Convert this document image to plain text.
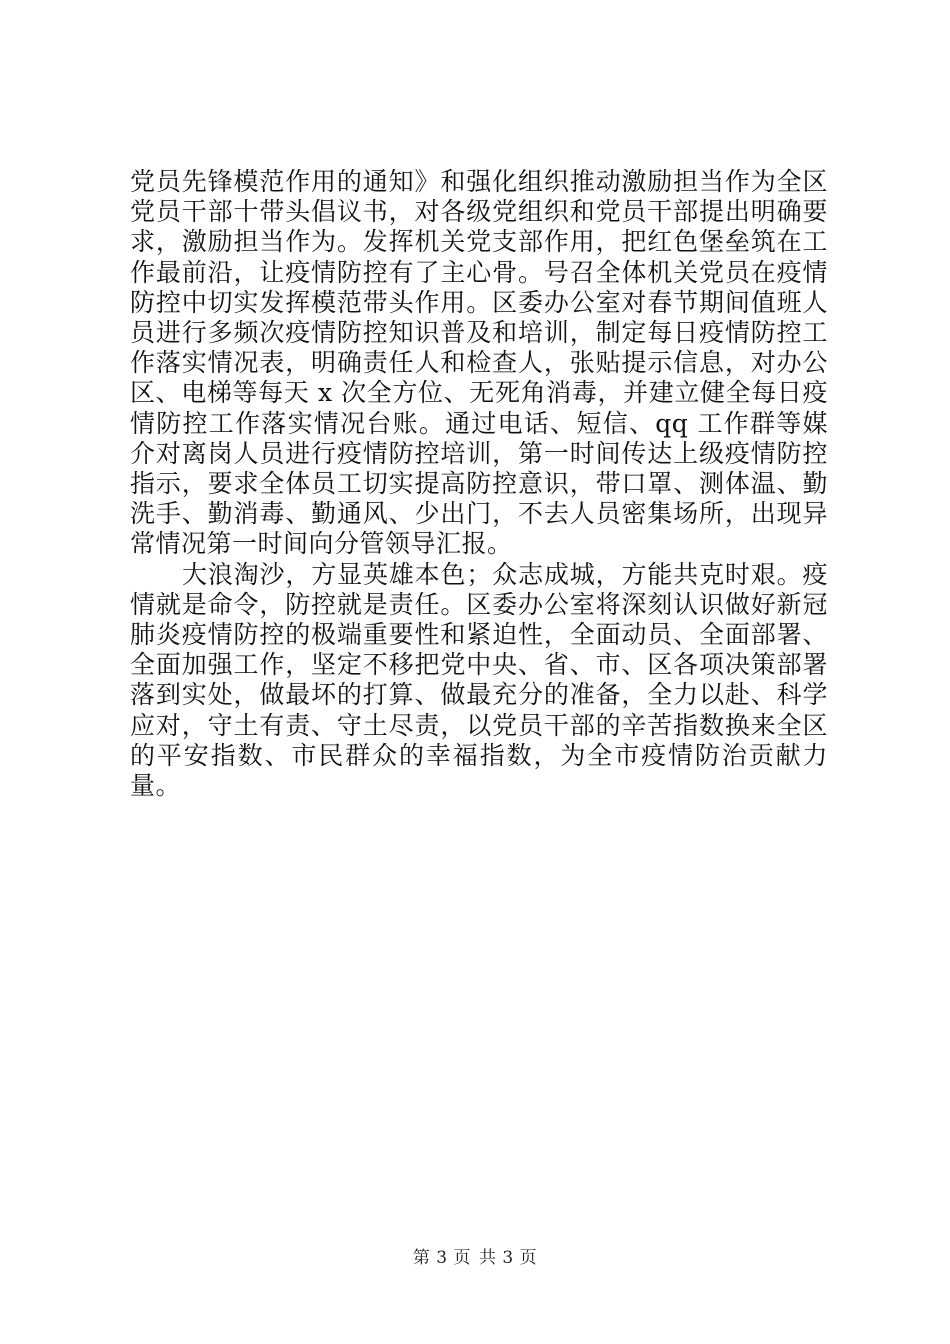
党员先锋模范作用的通知》和强化组织推动激励担当作为全区党员干部十带头倡议书，对各级党组织和党员干部提出明确要求，激励担当作为。发挥机关党支部作用，把红色堡垒筑在工作最前沿，让疫情防控有了主心骨。号召全体机关党员在疫情防控中切实发挥模范带头作用。区委办公室对春节期间值班人员进行多频次疫情防控知识普及和培训，制定每日疫情防控工作落实情况表，明确责任人和检查人，张贴提示信息，对办公区、电梯等每天 x 次全方位、无死角消毒，并建立健全每日疫情防控工作落实情况台账。通过电话、短信、qq 工作群等媒介对离岗人员进行疫情防控培训，第一时间传达上级疫情防控指示，要求全体员工切实提高防控意识，带口罩、测体温、勤洗手、勤消毒、勤通风、少出门，不去人员密集场所，出现异常情况第一时间向分管领导汇报。

大浪淘沙，方显英雄本色；众志成城，方能共克时艰。疫情就是命令，防控就是责任。区委办公室将深刻认识做好新冠肺炎疫情防控的极端重要性和紧迫性，全面动员、全面部署、全面加强工作，坚定不移把党中央、省、市、区各项决策部署落到实处，做最坏的打算、做最充分的准备，全力以赴、科学应对，守土有责、守土尽责，以党员干部的辛苦指数换来全区的平安指数、市民群众的幸福指数，为全市疫情防治贡献力量。

第 3 页 共 3 页
